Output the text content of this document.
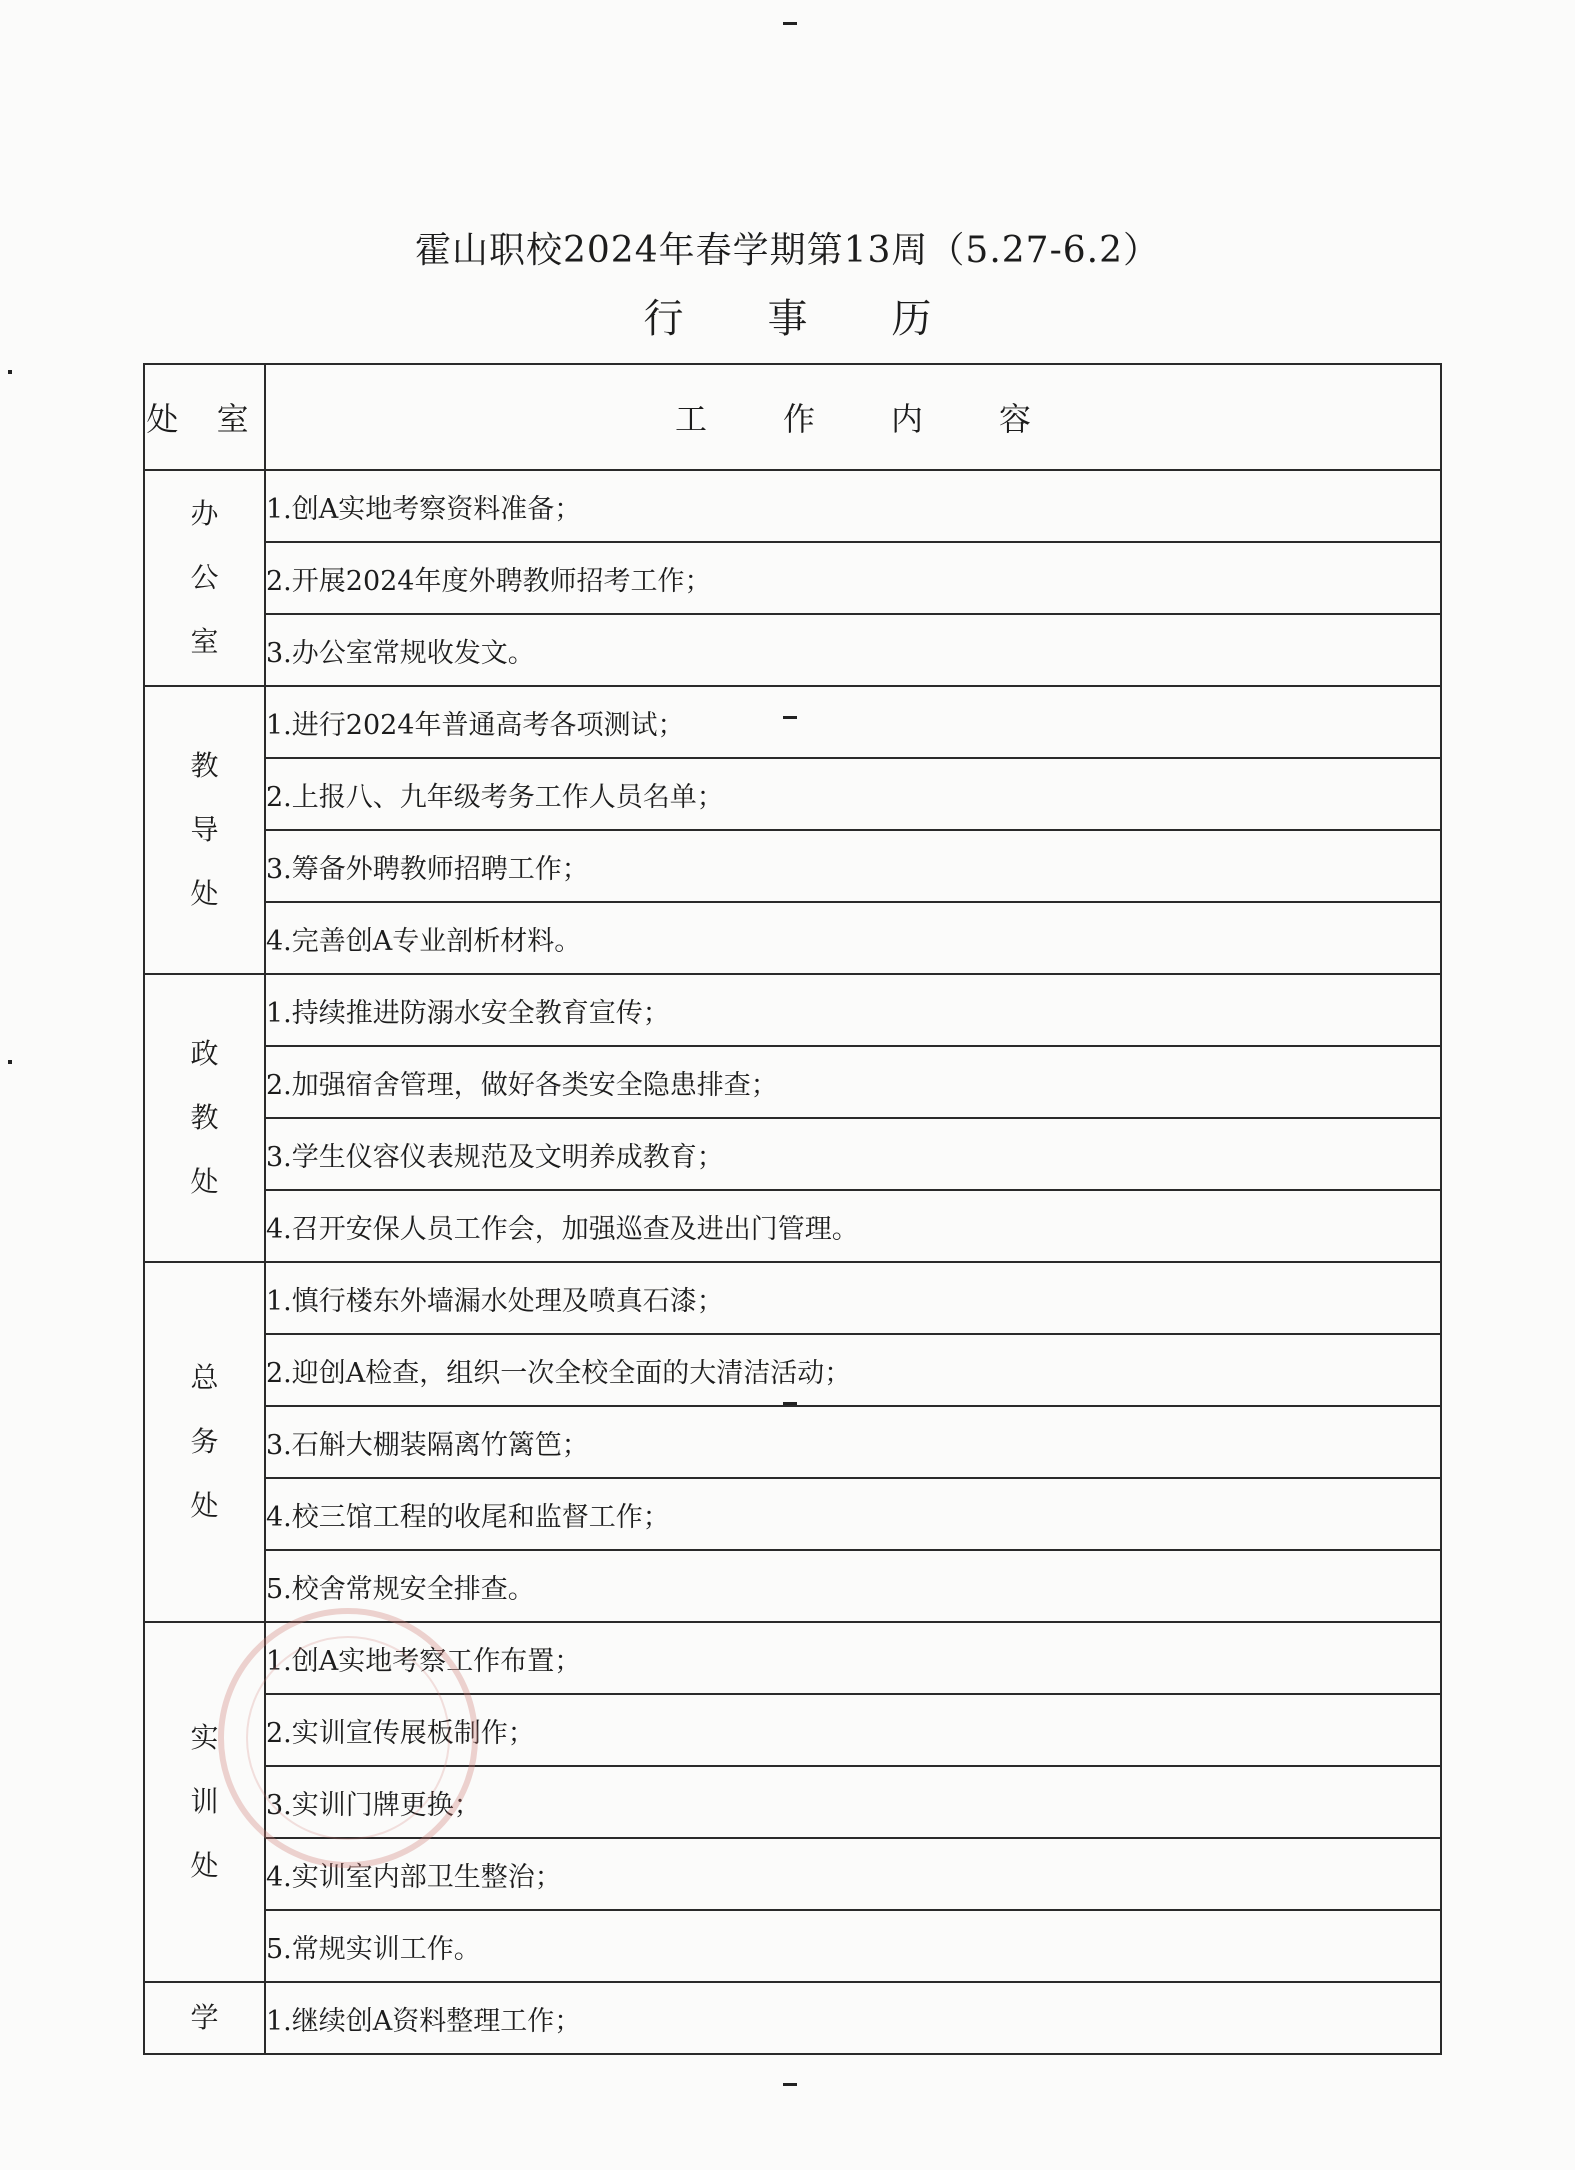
霍山职校2024年春学期第13周（5.27-6.2）
行 事 历
处 室	工 作 内 容

办
公
室	1.创A实地考察资料准备；
	2.开展2024年度外聘教师招考工作；
	3.办公室常规收发文。

教
导
处	1.进行2024年普通高考各项测试；
	2.上报八、九年级考务工作人员名单；
	3.筹备外聘教师招聘工作；
	4.完善创A专业剖析材料。

政
教
处	1.持续推进防溺水安全教育宣传；
	2.加强宿舍管理，做好各类安全隐患排查；
	3.学生仪容仪表规范及文明养成教育；
	4.召开安保人员工作会，加强巡查及进出门管理。

总
务
处	1.慎行楼东外墙漏水处理及喷真石漆；
	2.迎创A检查，组织一次全校全面的大清洁活动；
	3.石斛大棚装隔离竹篱笆；
	4.校三馆工程的收尾和监督工作；
	5.校舍常规安全排查。

实
训
处	1.创A实地考察工作布置；
	2.实训宣传展板制作；
	3.实训门牌更换；
	4.实训室内部卫生整治；
	5.常规实训工作。

学	1.继续创A资料整理工作；
